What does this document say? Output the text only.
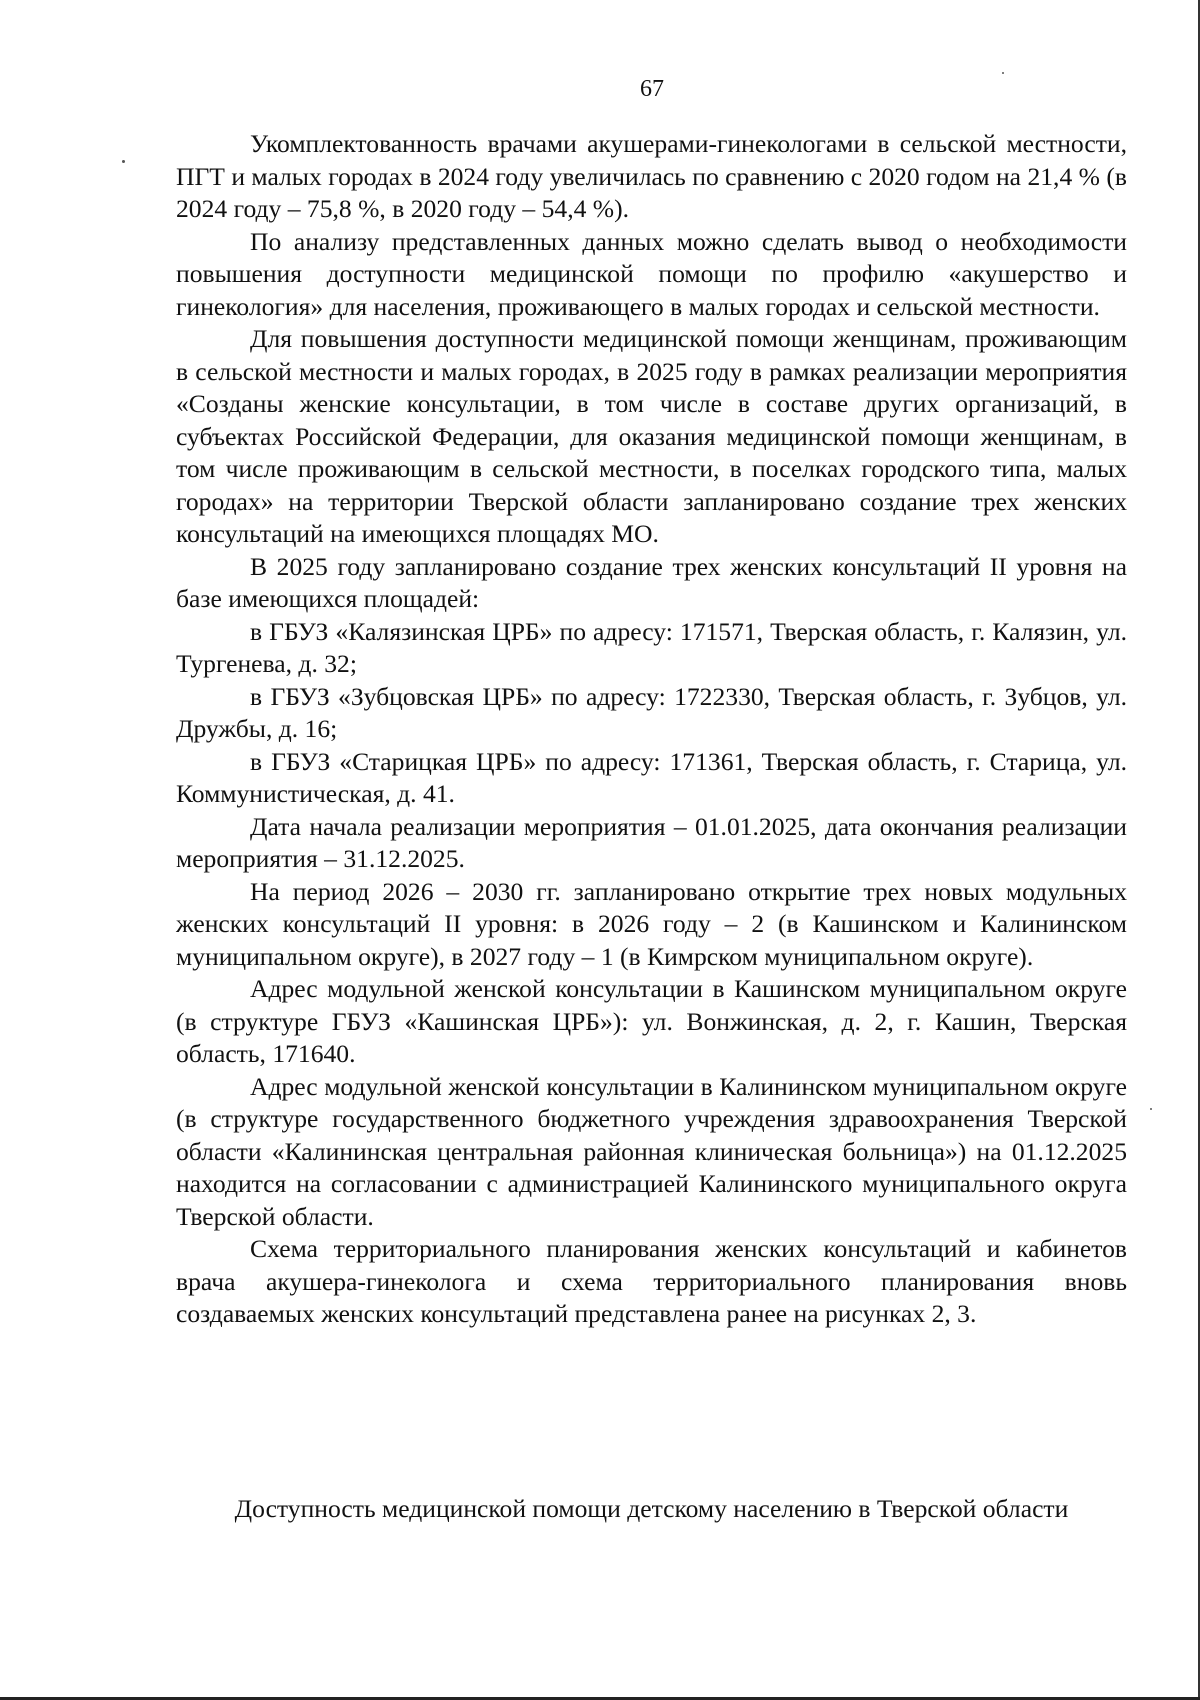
67

Укомплектованность врачами акушерами-гинекологами в сельской местности, ПГТ и малых городах в 2024 году увеличилась по сравнению с 2020 годом на 21,4 % (в 2024 году – 75,8 %, в 2020 году – 54,4 %).

По анализу представленных данных можно сделать вывод о необходимости повышения доступности медицинской помощи по профилю «акушерство и гинекология» для населения, проживающего в малых городах и сельской местности.

Для повышения доступности медицинской помощи женщинам, проживающим в сельской местности и малых городах, в 2025 году в рамках реализации мероприятия «Созданы женские консультации, в том числе в составе других организаций, в субъектах Российской Федерации, для оказания медицинской помощи женщинам, в том числе проживающим в сельской местности, в поселках городского типа, малых городах» на территории Тверской области запланировано создание трех женских консультаций на имеющихся площадях МО.

В 2025 году запланировано создание трех женских консультаций II уровня на базе имеющихся площадей:

в ГБУЗ «Калязинская ЦРБ» по адресу: 171571, Тверская область, г. Калязин, ул. Тургенева, д. 32;

в ГБУЗ «Зубцовская ЦРБ» по адресу: 1722330, Тверская область, г. Зубцов, ул. Дружбы, д. 16;

в ГБУЗ «Старицкая ЦРБ» по адресу: 171361, Тверская область, г. Старица, ул. Коммунистическая, д. 41.

Дата начала реализации мероприятия – 01.01.2025, дата окончания реализации мероприятия – 31.12.2025.

На период 2026 – 2030 гг. запланировано открытие трех новых модульных женских консультаций II уровня: в 2026 году – 2 (в Кашинском и Калининском муниципальном округе), в 2027 году – 1 (в Кимрском муниципальном округе).

Адрес модульной женской консультации в Кашинском муниципальном округе (в структуре ГБУЗ «Кашинская ЦРБ»): ул. Вонжинская, д. 2, г. Кашин, Тверская область, 171640.

Адрес модульной женской консультации в Калининском муниципальном округе (в структуре государственного бюджетного учреждения здравоохранения Тверской области «Калининская центральная районная клиническая больница») на 01.12.2025 находится на согласовании с администрацией Калининского муниципального округа Тверской области.

Схема территориального планирования женских консультаций и кабинетов врача акушера-гинеколога и схема территориального планирования вновь создаваемых женских консультаций представлена ранее на рисунках 2, 3.

Доступность медицинской помощи детскому населению в Тверской области
